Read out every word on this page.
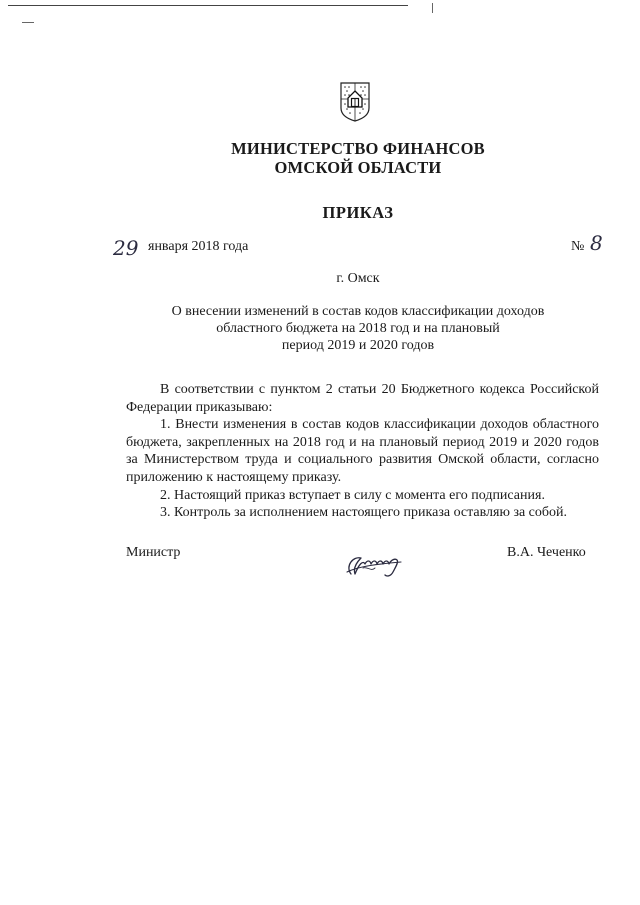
МИНИСТЕРСТВО ФИНАНСОВ
ОМСКОЙ ОБЛАСТИ
ПРИКАЗ
29 января 2018 года	№ 8
г. Омск
О внесении изменений в состав кодов классификации доходов
областного бюджета на 2018 год и на плановый
период 2019 и 2020 годов

В соответствии с пунктом 2 статьи 20 Бюджетного кодекса Российской Федерации приказываю:

1. Внести изменения в состав кодов классификации доходов областного бюджета, закрепленных на 2018 год и на плановый период 2019 и 2020 годов за Министерством труда и социального развития Омской области, согласно приложению к настоящему приказу.

2. Настоящий приказ вступает в силу с момента его подписания.

3. Контроль за исполнением настоящего приказа оставляю за собой.

Министр	В.А. Чеченко
